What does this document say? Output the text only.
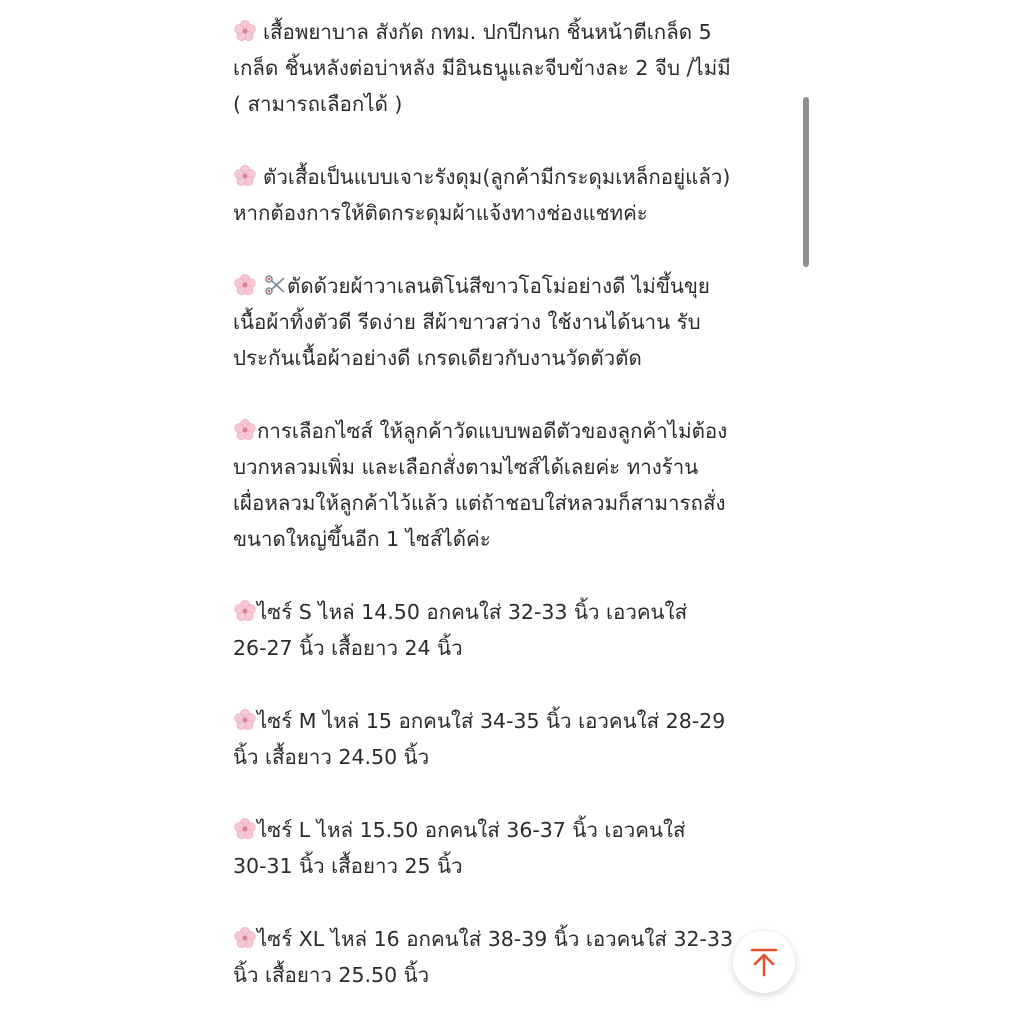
เสื้อพยาบาล สังกัด กทม. ปกปีกนก ชิ้นหน้าตีเกล็ด 5
เกล็ด ชิ้นหลังต่อบ่าหลัง มีอินธนูและจีบข้างละ 2 จีบ /ไม่มี
( สามารถเลือกได้ )
ตัวเสื้อเป็นแบบเจาะรังดุม(ลูกค้ามีกระดุมเหล็กอยู่แล้ว)
หากต้องการให้ติดกระดุมผ้าแจ้งทางช่องแชทค่ะ
ตัดด้วยผ้าวาเลนติโน่สีขาวโอโม่อย่างดี ไม่ขึ้นขุย
เนื้อผ้าทิ้งตัวดี รีดง่าย สีผ้าขาวสว่าง ใช้งานได้นาน รับ
ประกันเนื้อผ้าอย่างดี เกรดเดียวกับงานวัดตัวตัด
การเลือกไซส์ ให้ลูกค้าวัดแบบพอดีตัวของลูกค้าไม่ต้อง
บวกหลวมเพิ่ม และเลือกสั่งตามไซส์ได้เลยค่ะ ทางร้าน
เผื่อหลวมให้ลูกค้าไว้แล้ว แต่ถ้าชอบใส่หลวมก็สามารถสั่ง
ขนาดใหญ่ขึ้นอีก 1 ไซส์ได้ค่ะ
ไซร์ S ไหล่ 14.50 อกคนใส่ 32-33 นิ้ว เอวคนใส่
26-27 นิ้ว เสื้อยาว 24 นิ้ว
ไซร์ M ไหล่ 15 อกคนใส่ 34-35 นิ้ว เอวคนใส่ 28-29
นิ้ว เสื้อยาว 24.50 นิ้ว
ไซร์ L ไหล่ 15.50 อกคนใส่ 36-37 นิ้ว เอวคนใส่
30-31 นิ้ว เสื้อยาว 25 นิ้ว
ไซร์ XL ไหล่ 16 อกคนใส่ 38-39 นิ้ว เอวคนใส่ 32-33
นิ้ว เสื้อยาว 25.50 นิ้ว
